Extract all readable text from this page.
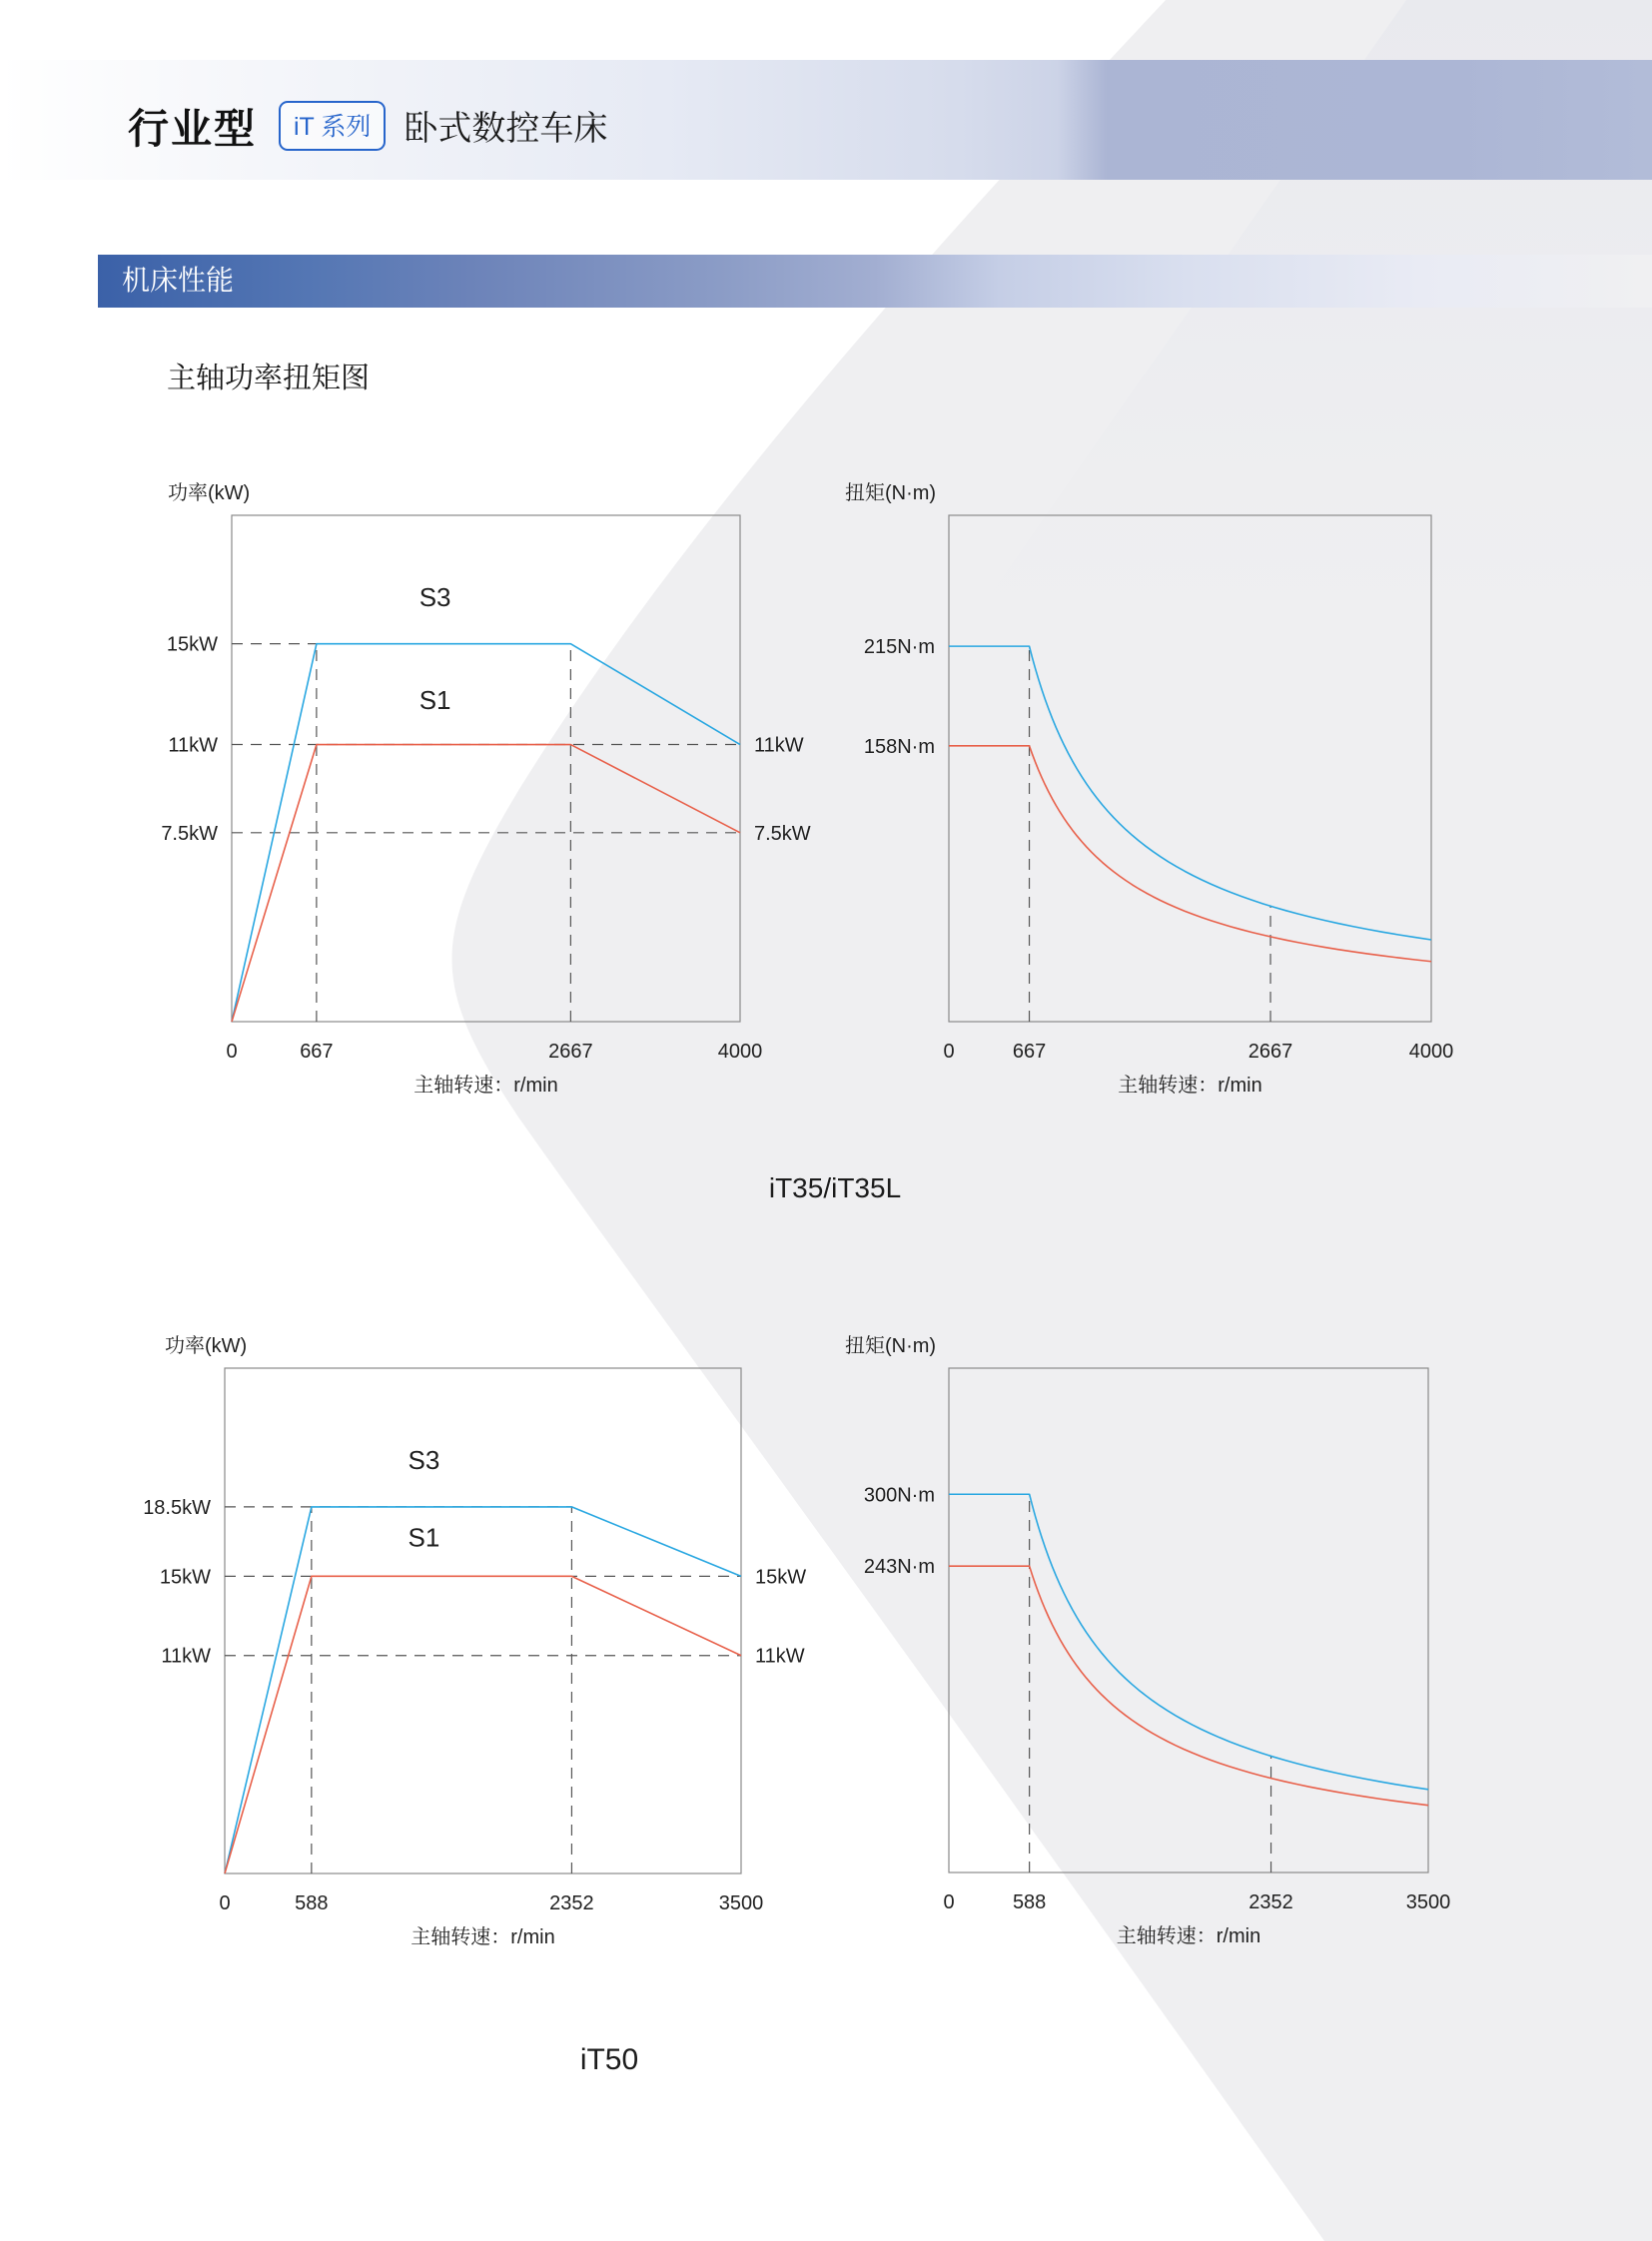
行业型	iT 系列 卧式数控车床
机床性能
主轴功率扭矩图
功率(kW)
15kW
11kW
7.5kW
11kW
7.5kW
S3
S1
0	667	2667	4000
主轴转速：r/min
扭矩(N·m)
215N·m
158N·m
0	667	2667	4000
主轴转速：r/min
功率(kW)
18.5kW
15kW
11kW
15kW
11kW
S3
S1
0	588	2352	3500
主轴转速：r/min
扭矩(N·m)
300N·m
243N·m
0	588	2352	3500
主轴转速：r/min
iT35/iT35L
iT50
